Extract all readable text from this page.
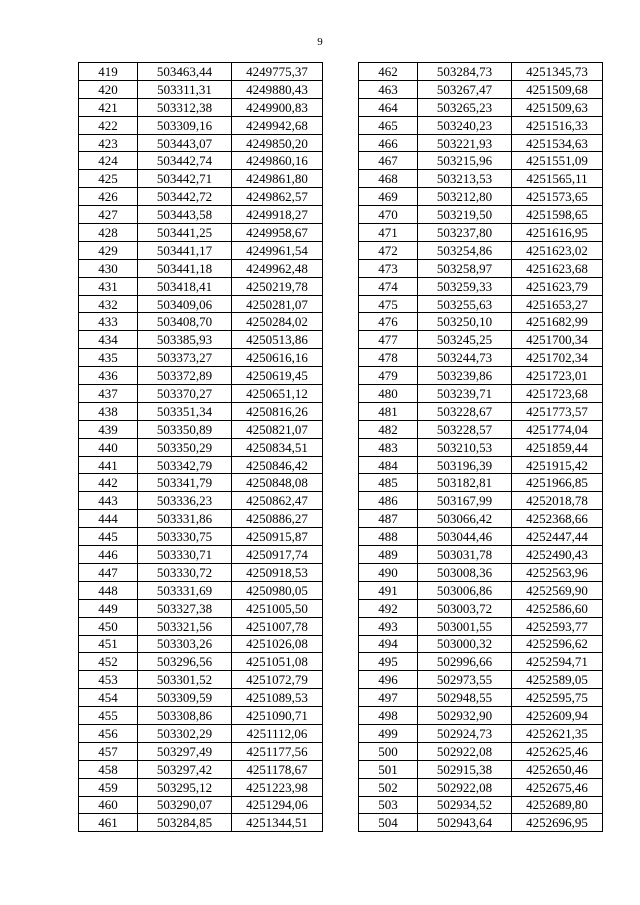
9
419	503463,44	4249775,37
420	503311,31	4249880,43
421	503312,38	4249900,83
422	503309,16	4249942,68
423	503443,07	4249850,20
424	503442,74	4249860,16
425	503442,71	4249861,80
426	503442,72	4249862,57
427	503443,58	4249918,27
428	503441,25	4249958,67
429	503441,17	4249961,54
430	503441,18	4249962,48
431	503418,41	4250219,78
432	503409,06	4250281,07
433	503408,70	4250284,02
434	503385,93	4250513,86
435	503373,27	4250616,16
436	503372,89	4250619,45
437	503370,27	4250651,12
438	503351,34	4250816,26
439	503350,89	4250821,07
440	503350,29	4250834,51
441	503342,79	4250846,42
442	503341,79	4250848,08
443	503336,23	4250862,47
444	503331,86	4250886,27
445	503330,75	4250915,87
446	503330,71	4250917,74
447	503330,72	4250918,53
448	503331,69	4250980,05
449	503327,38	4251005,50
450	503321,56	4251007,78
451	503303,26	4251026,08
452	503296,56	4251051,08
453	503301,52	4251072,79
454	503309,59	4251089,53
455	503308,86	4251090,71
456	503302,29	4251112,06
457	503297,49	4251177,56
458	503297,42	4251178,67
459	503295,12	4251223,98
460	503290,07	4251294,06
461	503284,85	4251344,51
462	503284,73	4251345,73
463	503267,47	4251509,68
464	503265,23	4251509,63
465	503240,23	4251516,33
466	503221,93	4251534,63
467	503215,96	4251551,09
468	503213,53	4251565,11
469	503212,80	4251573,65
470	503219,50	4251598,65
471	503237,80	4251616,95
472	503254,86	4251623,02
473	503258,97	4251623,68
474	503259,33	4251623,79
475	503255,63	4251653,27
476	503250,10	4251682,99
477	503245,25	4251700,34
478	503244,73	4251702,34
479	503239,86	4251723,01
480	503239,71	4251723,68
481	503228,67	4251773,57
482	503228,57	4251774,04
483	503210,53	4251859,44
484	503196,39	4251915,42
485	503182,81	4251966,85
486	503167,99	4252018,78
487	503066,42	4252368,66
488	503044,46	4252447,44
489	503031,78	4252490,43
490	503008,36	4252563,96
491	503006,86	4252569,90
492	503003,72	4252586,60
493	503001,55	4252593,77
494	503000,32	4252596,62
495	502996,66	4252594,71
496	502973,55	4252589,05
497	502948,55	4252595,75
498	502932,90	4252609,94
499	502924,73	4252621,35
500	502922,08	4252625,46
501	502915,38	4252650,46
502	502922,08	4252675,46
503	502934,52	4252689,80
504	502943,64	4252696,95
